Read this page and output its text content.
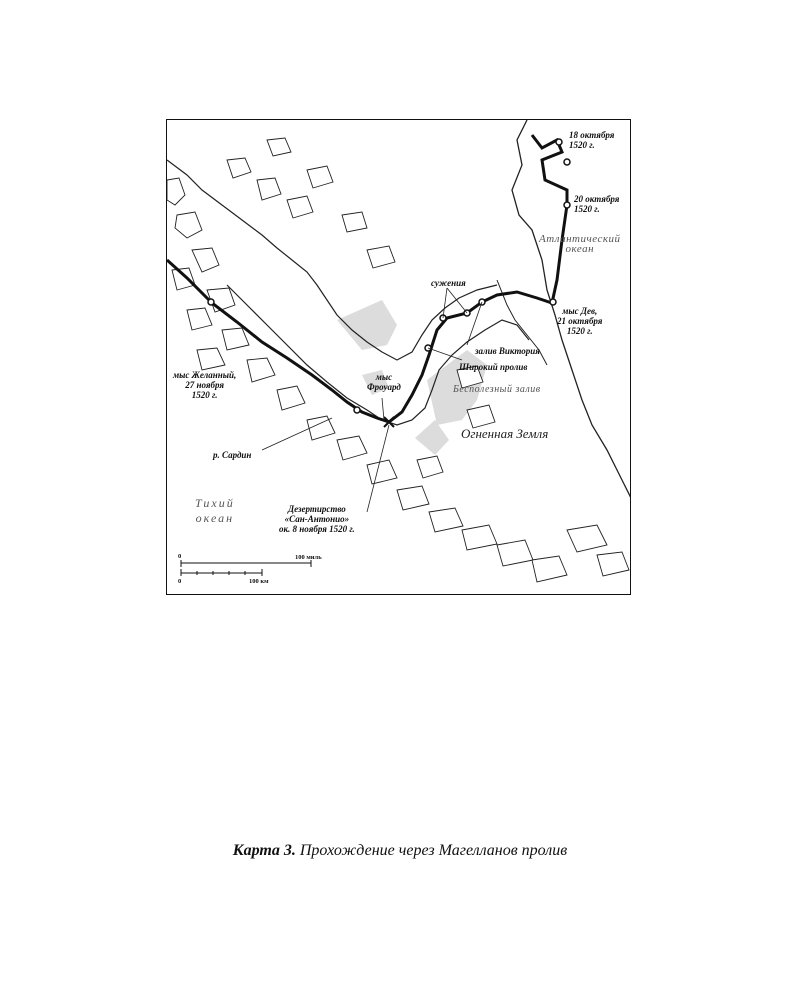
18 октября
1520 г.
20 октября
1520 г.
Атлантический
океан
сужения
мыс Дев,
21 октября
1520 г.
залив Виктория
Широкий пролив
Бесполезный залив
мыс Желанный,
27 ноября
1520 г.
мыс
Фроуард
Огненная Земля
р. Сардин
Тихий
океан
Дезертирство
«Сан-Антонио»
ок. 8 ноября 1520 г.
0	100 миль
0	100 км
Карта 3. Прохождение через Магелланов пролив
